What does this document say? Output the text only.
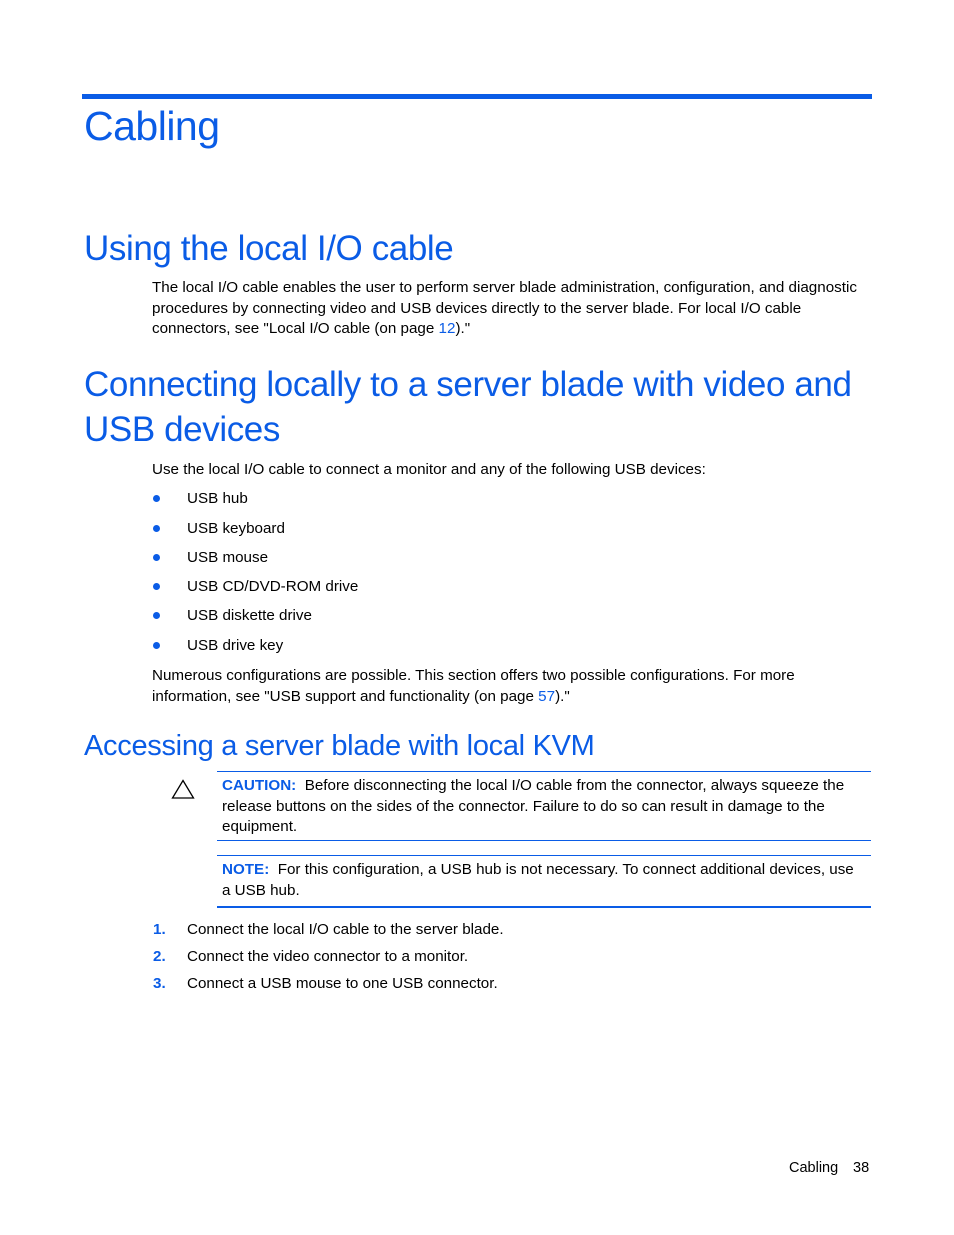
Cabling
Using the local I/O cable

The local I/O cable enables the user to perform server blade administration, configuration, and diagnostic procedures by connecting video and USB devices directly to the server blade. For local I/O cable connectors, see "Local I/O cable (on page 12)."

Connecting locally to a server blade with video and
USB devices

Use the local I/O cable to connect a monitor and any of the following USB devices:

USB hub
USB keyboard
USB mouse
USB CD/DVD-ROM drive
USB diskette drive
USB drive key

Numerous configurations are possible. This section offers two possible configurations. For more information, see "USB support and functionality (on page 57)."

Accessing a server blade with local KVM
CAUTION: Before disconnecting the local I/O cable from the connector, always squeeze the release buttons on the sides of the connector. Failure to do so can result in damage to the equipment.
NOTE: For this configuration, a USB hub is not necessary. To connect additional devices, use a USB hub.
1. Connect the local I/O cable to the server blade.
2. Connect the video connector to a monitor.
3. Connect a USB mouse to one USB connector.
Cabling 38
